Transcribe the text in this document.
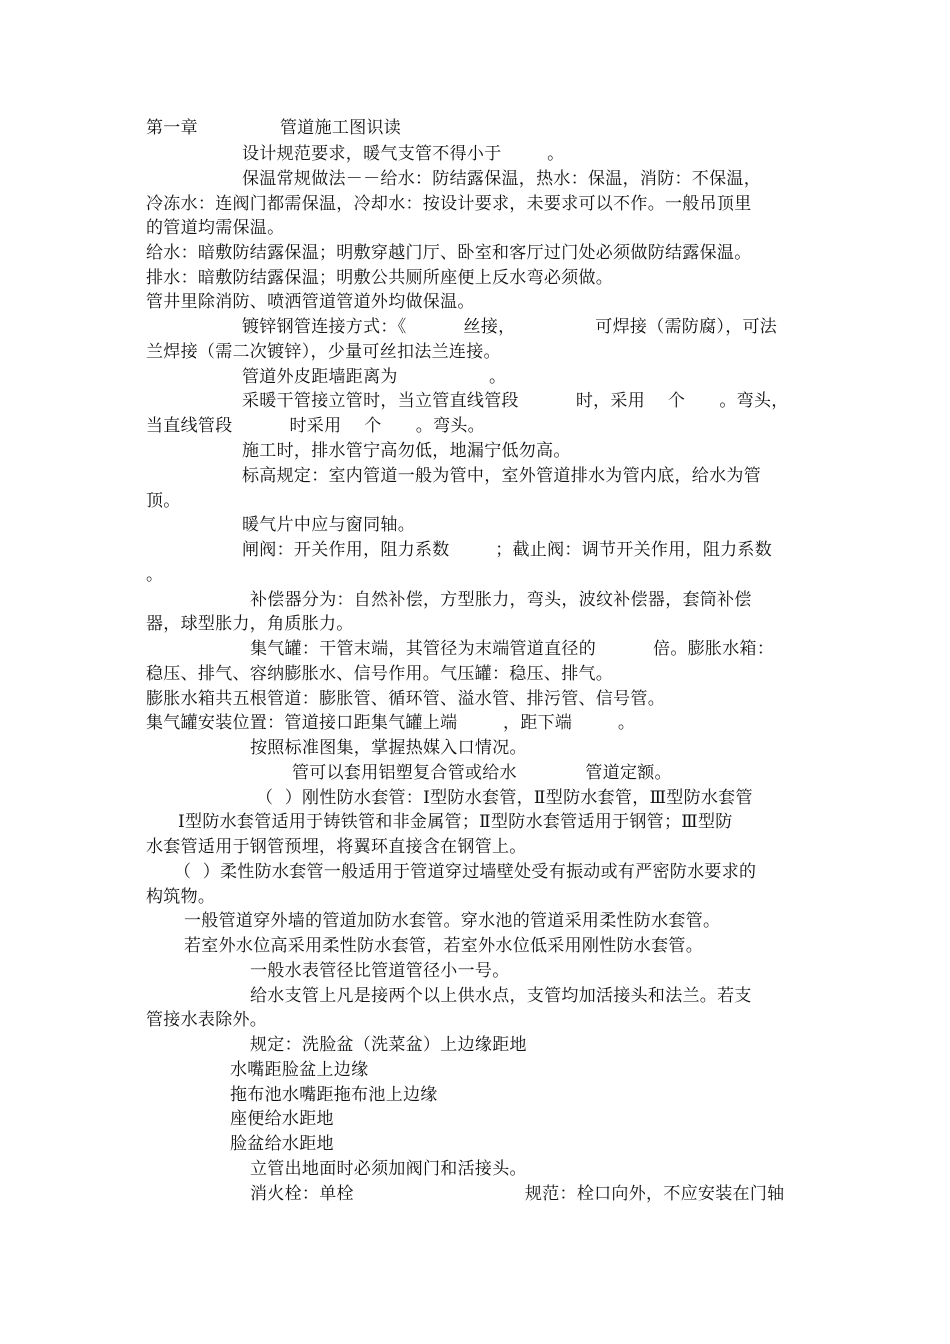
第一章	管道施工图识读
设计规范要求，暖气支管不得小于        。
保温常规做法－－给水：防结露保温，热水：保温，消防：不保温，
冷冻水：连阀门都需保温，冷却水：按设计要求，未要求可以不作。一般吊顶里
的管道均需保温。
给水：暗敷防结露保温；明敷穿越门厅、卧室和客厅过门处必须做防结露保温。
排水：暗敷防结露保温；明敷公共厕所座便上反水弯必须做。
管井里除消防、喷洒管道管道外均做保温。
镀锌钢管连接方式：《          丝接，              可焊接（需防腐），可法
兰焊接（需二次镀锌），少量可丝扣法兰连接。
管道外皮距墙距离为                。
采暖干管接立管时，当立管直线管段          时，采用    个      。弯头，
当直线管段          时采用    个      。弯头。
施工时，排水管宁高勿低，地漏宁低勿高。
标高规定：室内管道一般为管中，室外管道排水为管内底，给水为管
顶。
暖气片中应与窗同轴。
闸阀：开关作用，阻力系数        ；截止阀：调节开关作用，阻力系数
。
补偿器分为：自然补偿，方型胀力，弯头，波纹补偿器，套筒补偿
器，球型胀力，角质胀力。
集气罐：干管末端，其管径为末端管道直径的          倍。膨胀水箱：
稳压、排气、容纳膨胀水、信号作用。气压罐：稳压、排气。
膨胀水箱共五根管道：膨胀管、循环管、溢水管、排污管、信号管。
集气罐安装位置：管道接口距集气罐上端        ，距下端        。
按照标准图集，掌握热媒入口情况。
管可以套用铝塑复合管或给水            管道定额。
（  ）刚性防水套管：Ⅰ型防水套管，Ⅱ型防水套管，Ⅲ型防水套管
Ⅰ型防水套管适用于铸铁管和非金属管；Ⅱ型防水套管适用于钢管；Ⅲ型防
水套管适用于钢管预埋，将翼环直接含在钢管上。
（  ）柔性防水套管一般适用于管道穿过墙壁处受有振动或有严密防水要求的
构筑物。
一般管道穿外墙的管道加防水套管。穿水池的管道采用柔性防水套管。
若室外水位高采用柔性防水套管，若室外水位低采用刚性防水套管。
一般水表管径比管道管径小一号。
给水支管上凡是接两个以上供水点，支管均加活接头和法兰。若支
管接水表除外。
规定：洗脸盆（洗菜盆）上边缘距地
水嘴距脸盆上边缘
拖布池水嘴距拖布池上边缘
座便给水距地
脸盆给水距地
立管出地面时必须加阀门和活接头。
消火栓：单栓                              规范：栓口向外，不应安装在门轴
